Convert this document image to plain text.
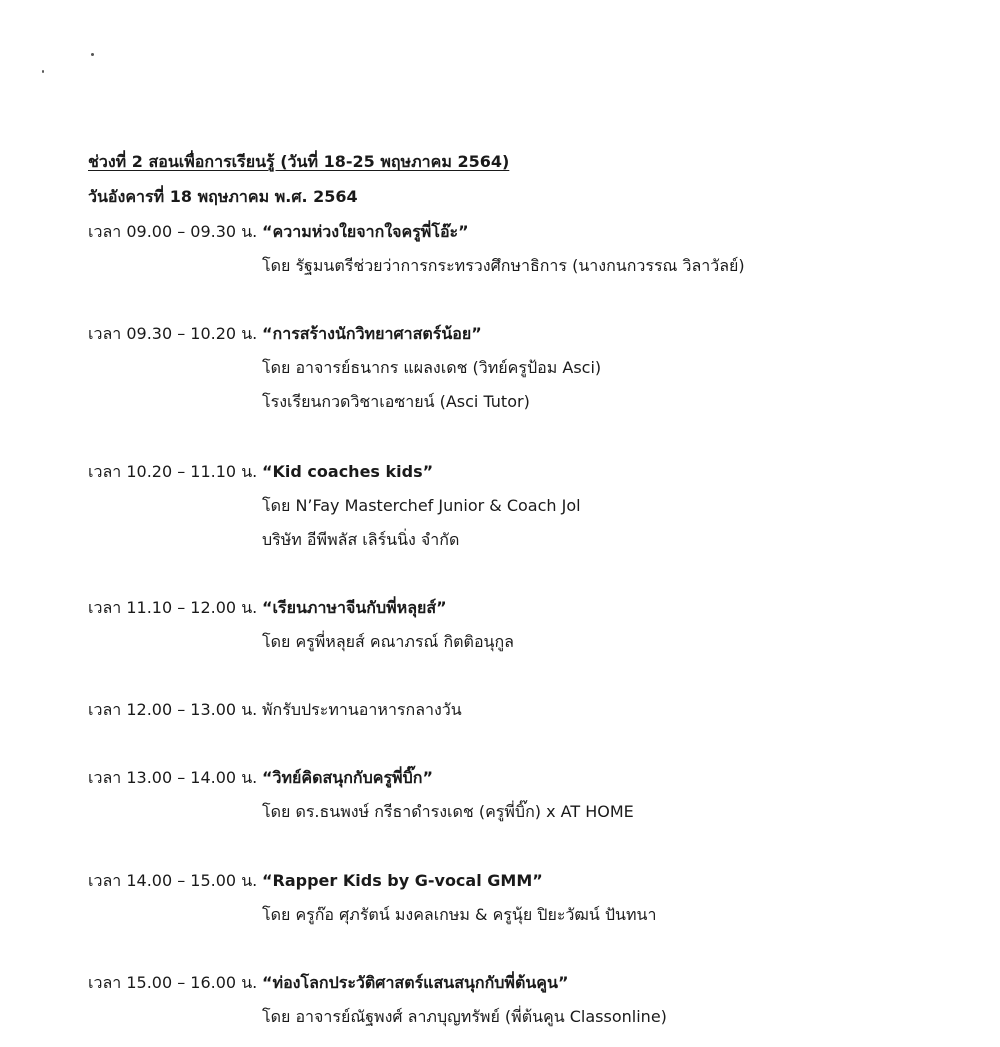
ช่วงที่ 2 สอนเพื่อการเรียนรู้ (วันที่ 18-25 พฤษภาคม 2564)
วันอังคารที่ 18 พฤษภาคม พ.ศ. 2564
เวลา 09.00 – 09.30 น. “ความห่วงใยจากใจครูพี่โอ๊ะ”
โดย รัฐมนตรีช่วยว่าการกระทรวงศึกษาธิการ (นางกนกวรรณ วิลาวัลย์)
เวลา 09.30 – 10.20 น. “การสร้างนักวิทยาศาสตร์น้อย”
โดย อาจารย์ธนากร แผลงเดช (วิทย์ครูป้อม Asci)
โรงเรียนกวดวิชาเอซายน์ (Asci Tutor)
เวลา 10.20 – 11.10 น. “Kid coaches kids”
โดย N’Fay Masterchef Junior & Coach Jol
บริษัท อีพีพลัส เลิร์นนิ่ง จำกัด
เวลา 11.10 – 12.00 น. “เรียนภาษาจีนกับพี่หลุยส์”
โดย ครูพี่หลุยส์ คณาภรณ์ กิตติอนุกูล
เวลา 12.00 – 13.00 น. พักรับประทานอาหารกลางวัน
เวลา 13.00 – 14.00 น. “วิทย์คิดสนุกกับครูพี่บิ๊ก”
โดย ดร.ธนพงษ์ กรีธาดำรงเดช (ครูพี่บิ๊ก) x AT HOME
เวลา 14.00 – 15.00 น. “Rapper Kids by G-vocal GMM”
โดย ครูก๊อ ศุภรัตน์ มงคลเกษม & ครูนุ้ย ปิยะวัฒน์ ปันทนา
เวลา 15.00 – 16.00 น. “ท่องโลกประวัติศาสตร์แสนสนุกกับพี่ต้นคูน”
โดย อาจารย์ณัฐพงศ์ ลาภบุญทรัพย์ (พี่ต้นคูน Classonline)
